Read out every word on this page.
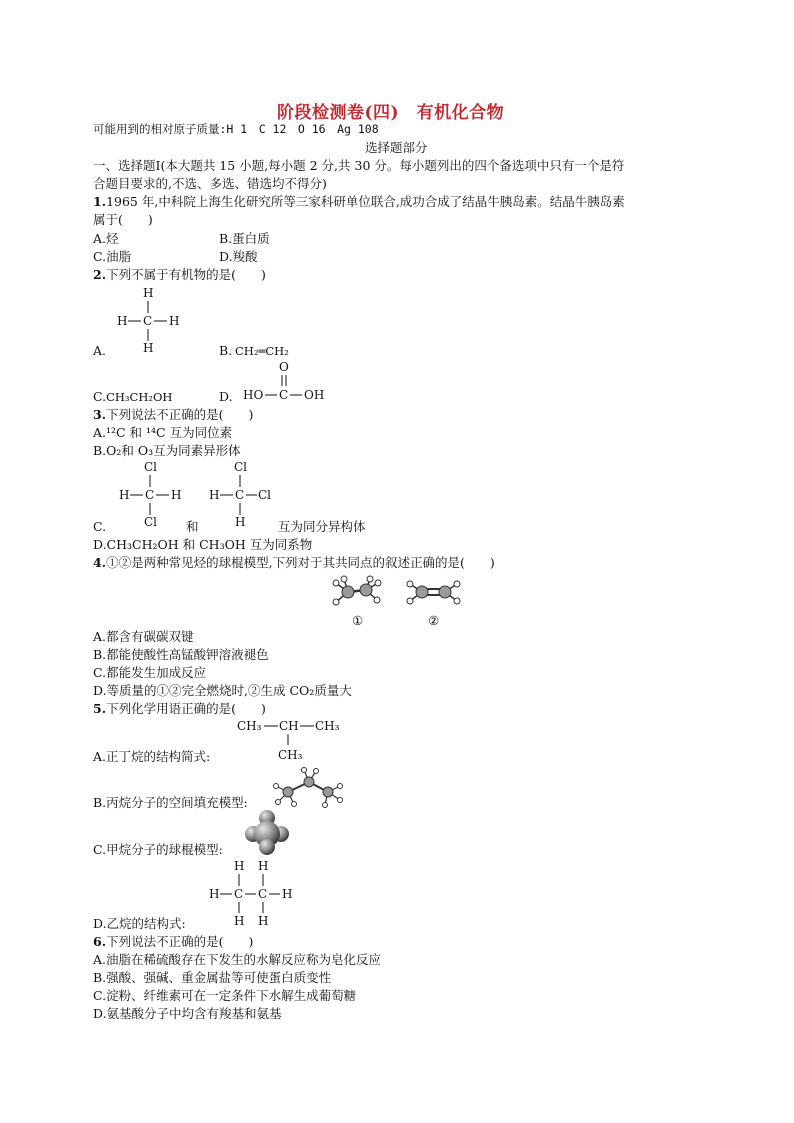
阶段检测卷(四)　有机化合物
可能用到的相对原子质量:H 1　C 12　O 16　Ag 108
选择题部分
一、选择题Ⅰ(本大题共 15 小题,每小题 2 分,共 30 分。每小题列出的四个备选项中只有一个是符
合题目要求的,不选、多选、错选均不得分)
1.1965 年,中科院上海生化研究所等三家科研单位联合,成功合成了结晶牛胰岛素。结晶牛胰岛素
属于(　　)
A.烃	B.蛋白质
C.油脂	D.羧酸
2.下列不属于有机物的是(　　)
H
H C H
H
A.	B. CH₂═CH₂
O
HO C OH
C.CH₃CH₂OH	D.
3.下列说法不正确的是(　　)
A.¹²C 和 ¹⁴C 互为同位素
B.O₂和 O₃互为同素异形体
Cl
H C H
Cl
Cl
H C Cl
H
C.	和	互为同分异构体
D.CH₃CH₂OH 和 CH₃OH 互为同系物
4.①②是两种常见烃的球棍模型,下列对于其共同点的叙述正确的是(　　)
①	②
A.都含有碳碳双键
B.都能使酸性高锰酸钾溶液褪色
C.都能发生加成反应
D.等质量的①②完全燃烧时,②生成 CO₂质量大
5.下列化学用语正确的是(　　)
CH₃ CH CH₃
CH₃
A.正丁烷的结构简式:
B.丙烷分子的空间填充模型:
C.甲烷分子的球棍模型:
H H
H C C H
H H
D.乙烷的结构式:
6.下列说法不正确的是(　　)
A.油脂在稀硫酸存在下发生的水解反应称为皂化反应
B.强酸、强碱、重金属盐等可使蛋白质变性
C.淀粉、纤维素可在一定条件下水解生成葡萄糖
D.氨基酸分子中均含有羧基和氨基
